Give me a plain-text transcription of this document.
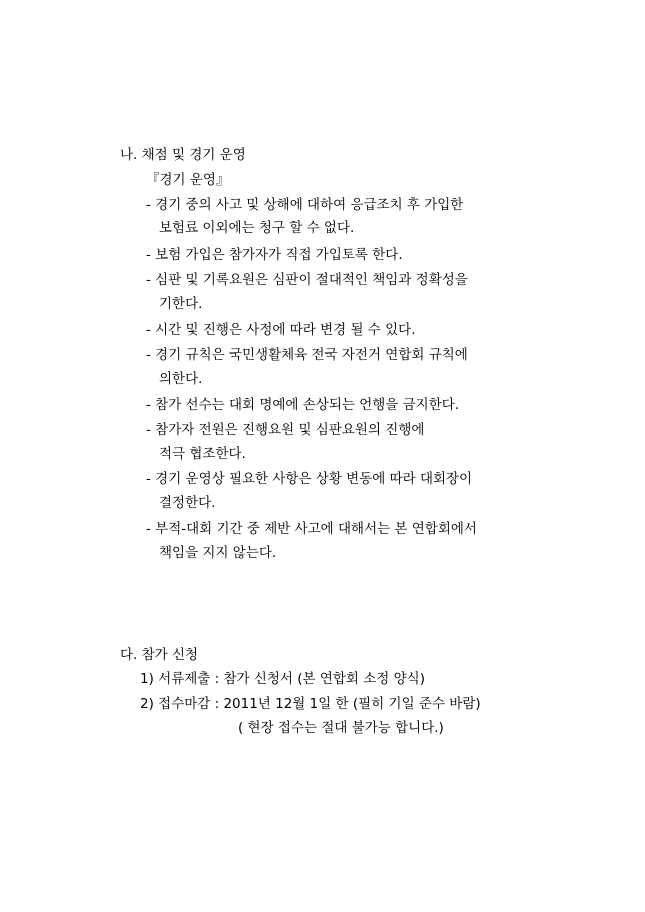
나. 채점 및 경기 운영
『경기 운영』
- 경기 중의 사고 및 상해에 대하여 응급조치 후 가입한
보험료 이외에는 청구 할 수 없다.
- 보험 가입은 참가자가 직접 가입토록 한다.
- 심판 및 기록요원은 심판이 절대적인 책임과 정확성을
기한다.
- 시간 및 진행은 사정에 따라 변경 될 수 있다.
- 경기 규칙은 국민생활체육 전국 자전거 연합회 규칙에
의한다.
- 참가 선수는 대회 명예에 손상되는 언행을 금지한다.
- 참가자 전원은 진행요원 및 심판요원의 진행에
적극 협조한다.
- 경기 운영상 필요한 사항은 상황 변동에 따라 대회장이
결정한다.
- 부적-대회 기간 중 제반 사고에 대해서는 본 연합회에서
책임을 지지 않는다.
다. 참가 신청
1) 서류제출 : 참가 신청서 (본 연합회 소정 양식)
2) 접수마감 : 2011년 12월 1일 한 (필히 기일 준수 바람)
( 현장 접수는 절대 불가능 합니다.)
